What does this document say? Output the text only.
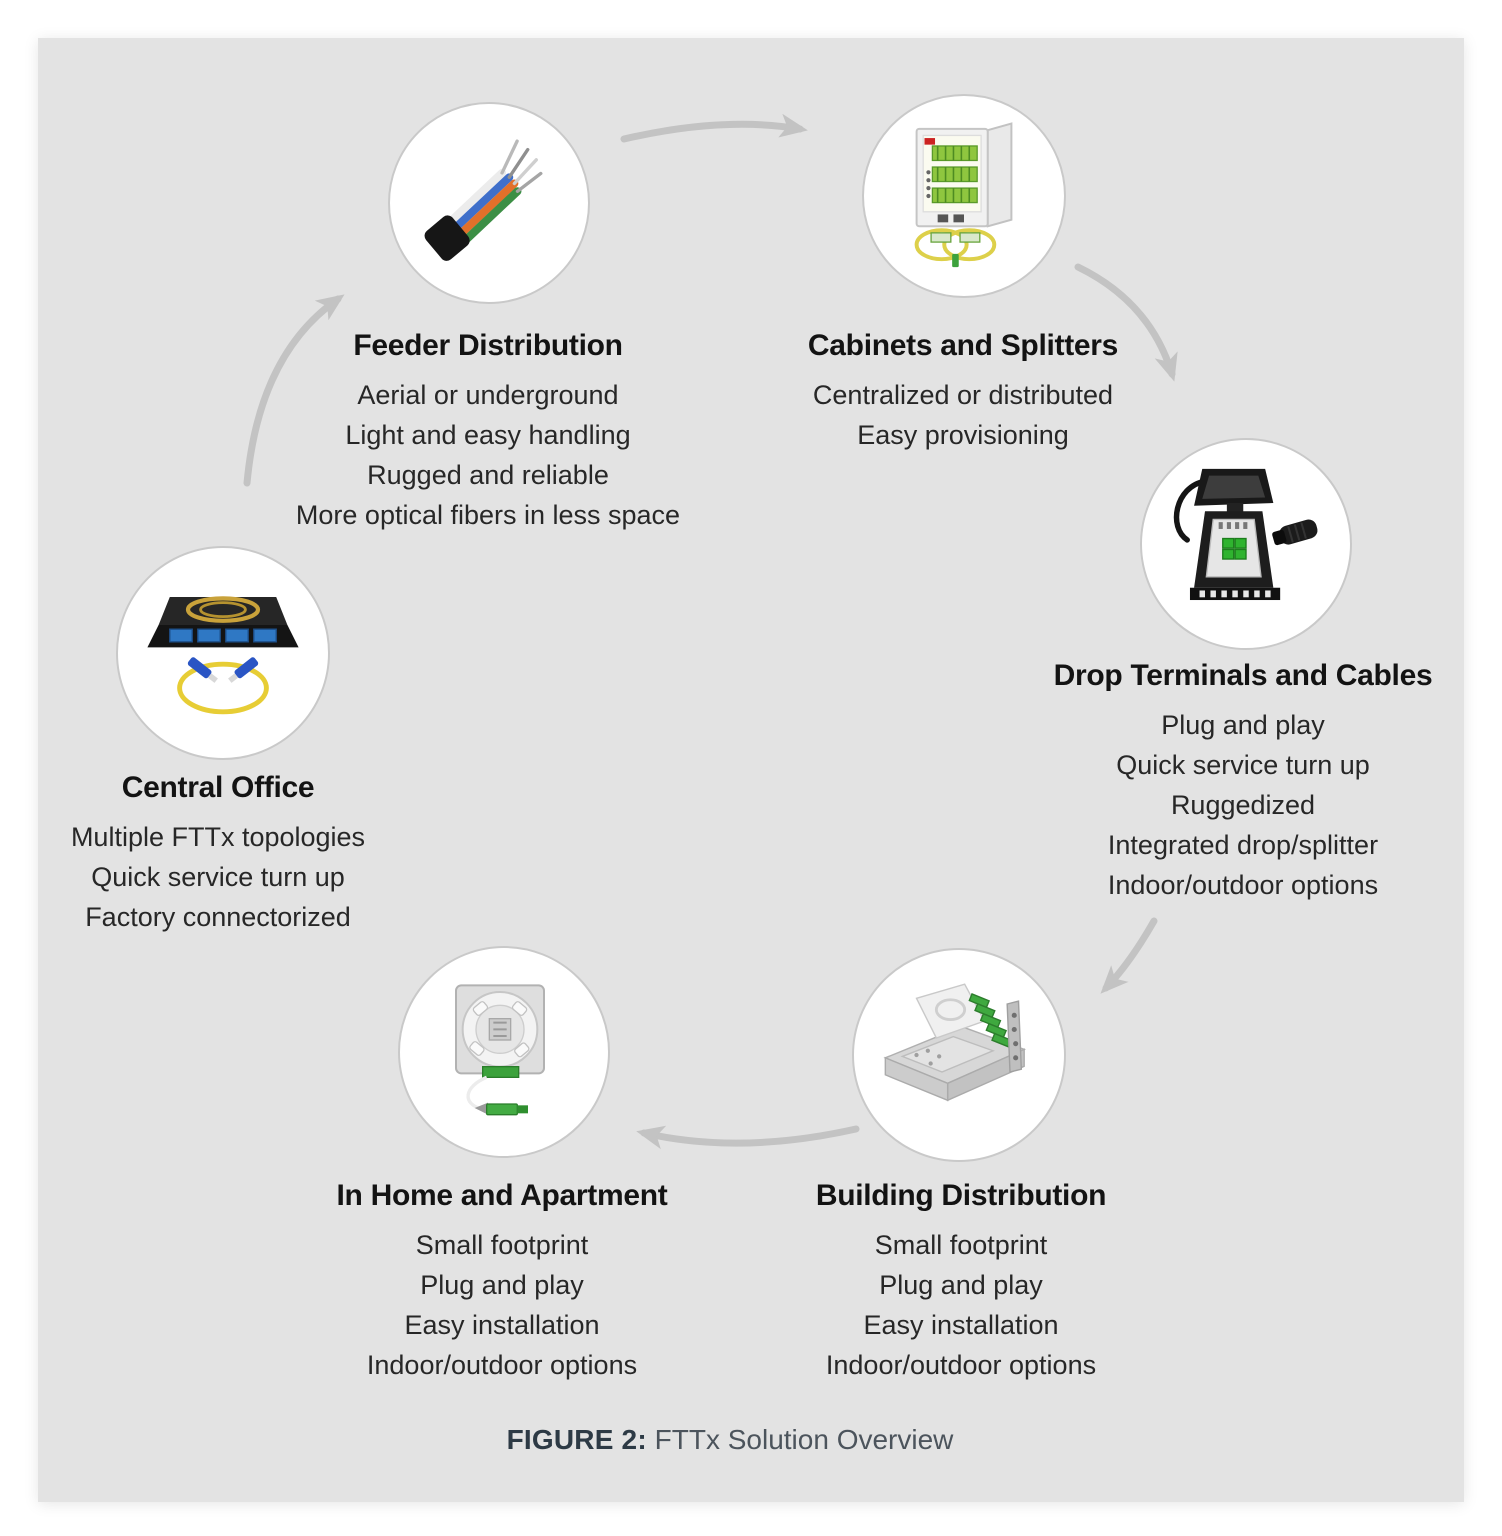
Feeder Distribution
Aerial or underground
Light and easy handling
Rugged and reliable
More optical fibers in less space
Cabinets and Splitters
Centralized or distributed
Easy provisioning
Drop Terminals and Cables
Plug and play
Quick service turn up
Ruggedized
Integrated drop/splitter
Indoor/outdoor options
Building Distribution
Small footprint
Plug and play
Easy installation
Indoor/outdoor options
In Home and Apartment
Small footprint
Plug and play
Easy installation
Indoor/outdoor options
Central Office
Multiple FTTx topologies
Quick service turn up
Factory connectorized
FIGURE 2: FTTx Solution Overview
